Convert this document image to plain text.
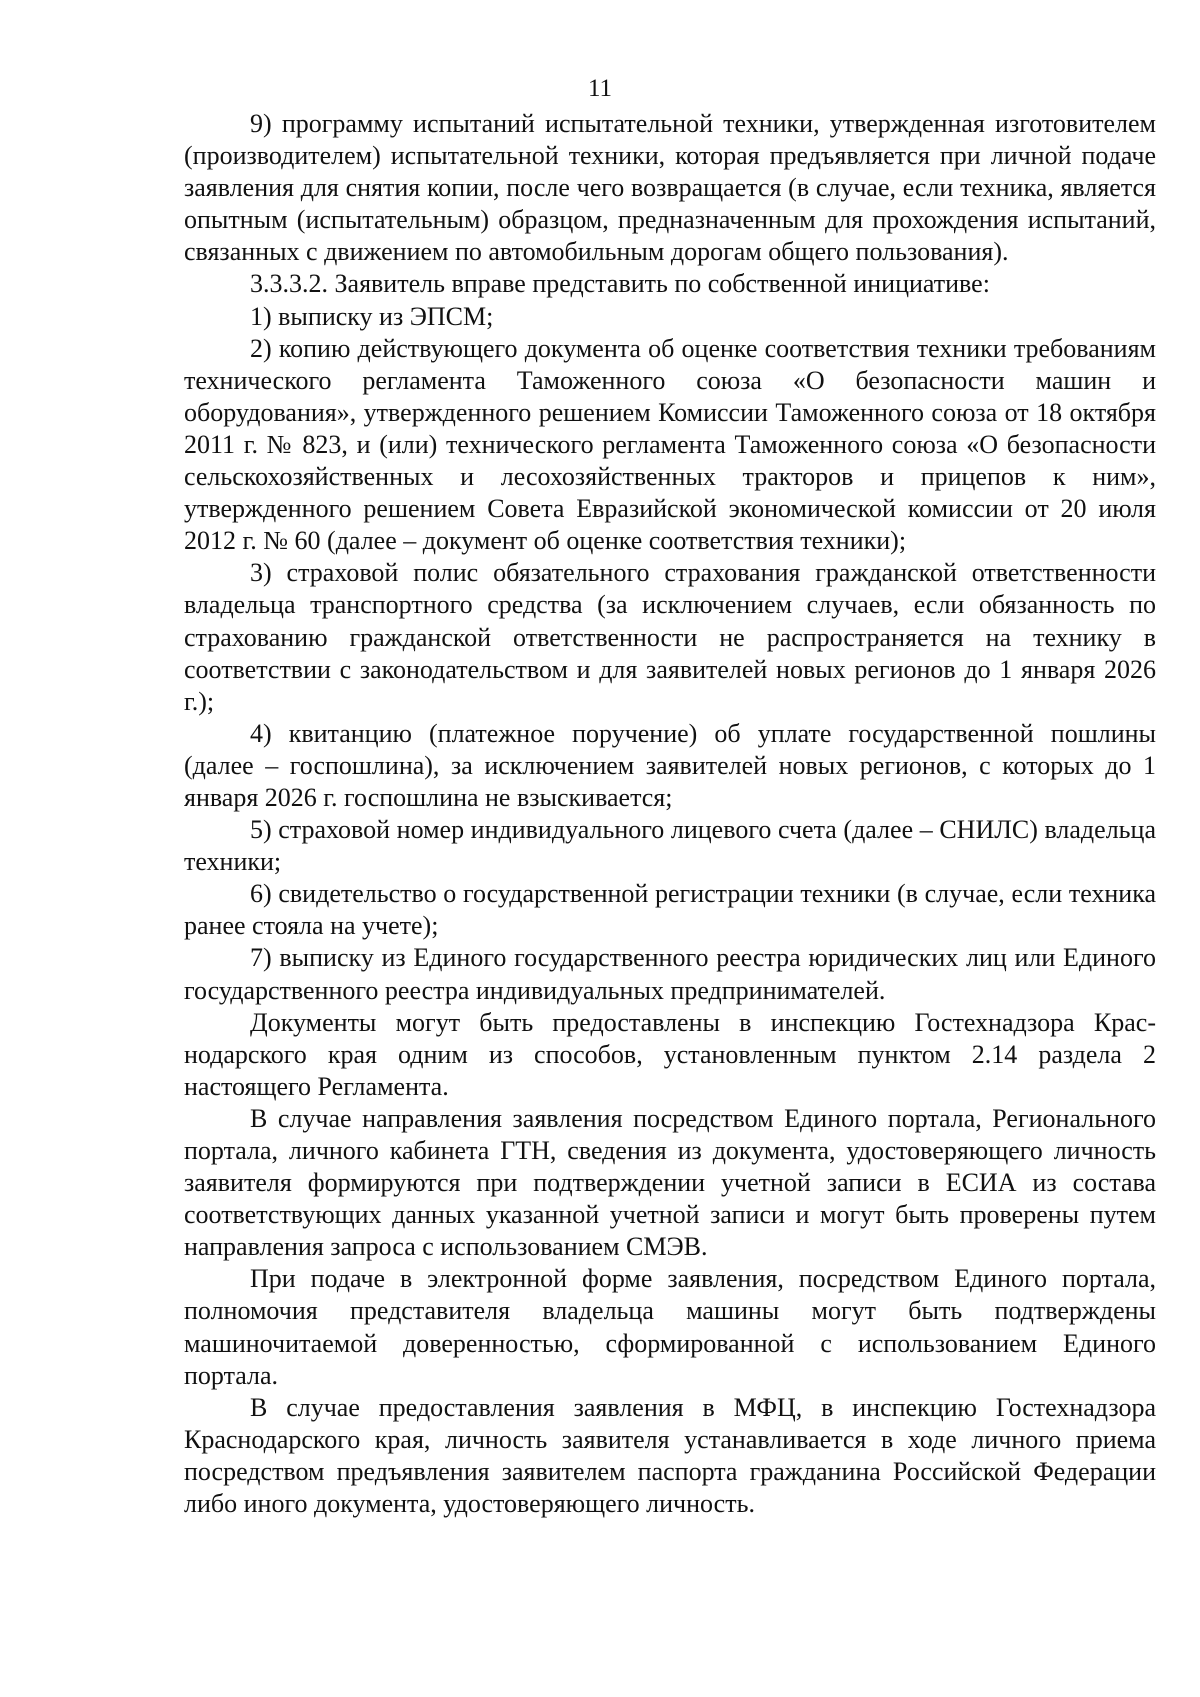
11

9) программу испытаний испытательной техники, утвержденная изготовителем (производителем) испытательной техники, которая предъявляется при личной подаче заявления для снятия копии, после чего возвращается (в случае, если техника, является опытным (испытательным) образцом, предназначенным для прохождения испытаний, связанных с движением по автомобильным дорогам общего пользования).

3.3.3.2. Заявитель вправе представить по собственной инициативе:

1) выписку из ЭПСМ;

2) копию действующего документа об оценке соответствия техники требованиям технического регламента Таможенного союза «О безопасности машин и оборудования», утвержденного решением Комиссии Таможенного союза от 18 октября 2011 г. № 823, и (или) технического регламента Таможенного союза «О безопасности сельскохозяйственных и лесохозяйственных тракторов и прицепов к ним», утвержденного решением Совета Евразийской экономической комиссии от 20 июля 2012 г. № 60 (далее – документ об оценке соответствия техники);

3) страховой полис обязательного страхования гражданской ответственности владельца транспортного средства (за исключением случаев, если обязанность по страхованию гражданской ответственности не распространяется на технику в соответствии с законодательством и для заявителей новых регионов до 1 января 2026 г.);

4) квитанцию (платежное поручение) об уплате государственной пошлины (далее – госпошлина), за исключением заявителей новых регионов, с которых до 1 января 2026 г. госпошлина не взыскивается;

5) страховой номер индивидуального лицевого счета (далее – СНИЛС) владельца техники;

6) свидетельство о государственной регистрации техники (в случае, если техника ранее стояла на учете);

7) выписку из Единого государственного реестра юридических лиц или Единого государственного реестра индивидуальных предпринимателей.

Документы могут быть предоставлены в инспекцию Гостехнадзора Краснодарского края одним из способов, установленным пунктом 2.14 раздела 2 настоящего Регламента.

В случае направления заявления посредством Единого портала, Регионального портала, личного кабинета ГТН, сведения из документа, удостоверяющего личность заявителя формируются при подтверждении учетной записи в ЕСИА из состава соответствующих данных указанной учетной записи и могут быть проверены путем направления запроса с использованием СМЭВ.

При подаче в электронной форме заявления, посредством Единого портала, полномочия представителя владельца машины могут быть подтверждены машиночитаемой доверенностью, сформированной с использованием Единого портала.

В случае предоставления заявления в МФЦ, в инспекцию Гостехнадзора Краснодарского края, личность заявителя устанавливается в ходе личного приема посредством предъявления заявителем паспорта гражданина Российской Федерации либо иного документа, удостоверяющего личность.
